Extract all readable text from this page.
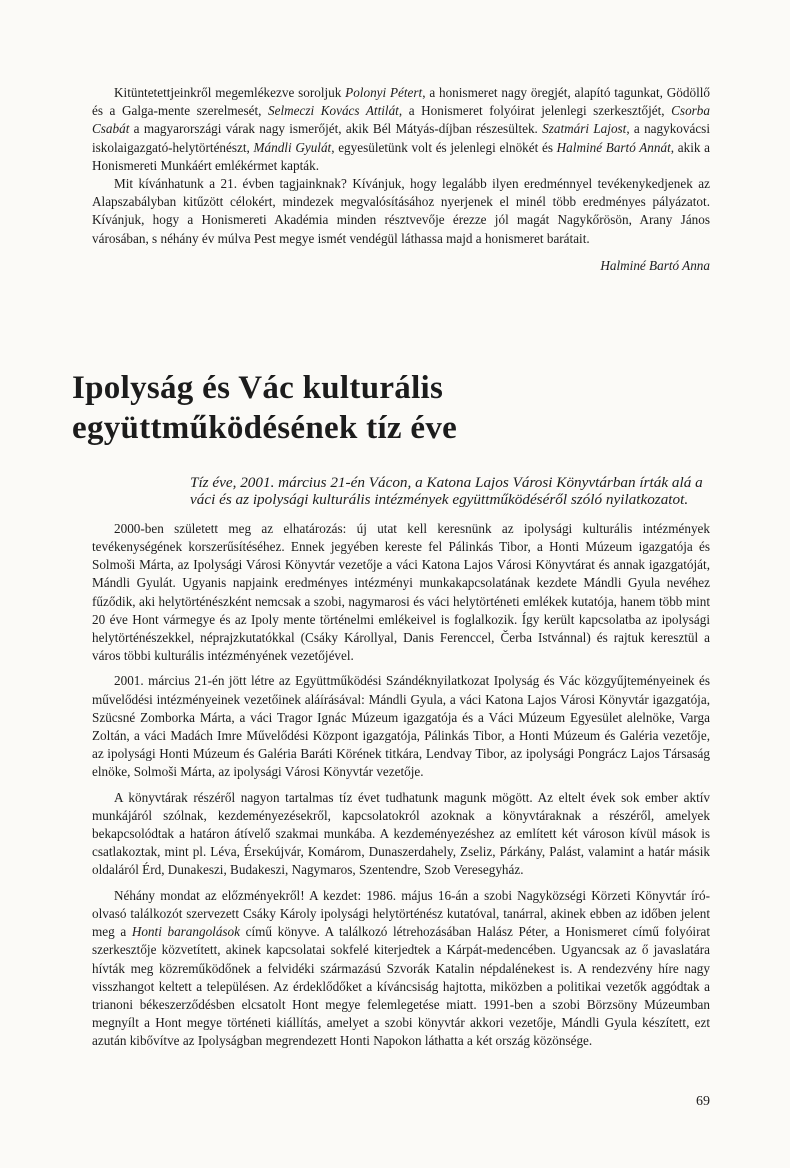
Kitüntetettjeinkről megemlékezve soroljuk Polonyi Pétert, a honismeret nagy öregjét, alapító tagunkat, Gödöllő és a Galga-mente szerelmesét, Selmeczi Kovács Attilát, a Honismeret folyóirat jelenlegi szerkesztőjét, Csorba Csabát a magyarországi várak nagy ismerőjét, akik Bél Mátyás-díjban részesültek. Szatmári Lajost, a nagykovácsi iskolaigazgató-helytörténészt, Mándli Gyulát, egyesületünk volt és jelenlegi elnökét és Halminé Bartó Annát, akik a Honismereti Munkáért emlékérmet kapták.

Mit kívánhatunk a 21. évben tagjainknak? Kívánjuk, hogy legalább ilyen eredménnyel tevékenykedjenek az Alapszabályban kitűzött célokért, mindezek megvalósításához nyerjenek el minél több eredményes pályázatot. Kívánjuk, hogy a Honismereti Akadémia minden résztvevője érezze jól magát Nagykőrösön, Arany János városában, s néhány év múlva Pest megye ismét vendégül láthassa majd a honismeret barátait.

Halminé Bartó Anna
Ipolyság és Vác kulturális
együttműködésének tíz éve
Tíz éve, 2001. március 21-én Vácon, a Katona Lajos Városi Könyvtárban írták alá a váci és az ipolysági kulturális intézmények együttműködéséről szóló nyilatkozatot.

2000-ben született meg az elhatározás: új utat kell keresnünk az ipolysági kulturális intézmények tevékenységének korszerűsítéséhez. Ennek jegyében kereste fel Pálinkás Tibor, a Honti Múzeum igazgatója és Solmoši Márta, az Ipolysági Városi Könyvtár vezetője a váci Katona Lajos Városi Könyvtárat és annak igazgatóját, Mándli Gyulát. Ugyanis napjaink eredményes intézményi munkakapcsolatának kezdete Mándli Gyula nevéhez fűződik, aki helytörténészként nemcsak a szobi, nagymarosi és váci helytörténeti emlékek kutatója, hanem több mint 20 éve Hont vármegye és az Ipoly mente történelmi emlékeivel is foglalkozik. Így került kapcsolatba az ipolysági helytörténészekkel, néprajzkutatókkal (Csáky Károllyal, Danis Ferenccel, Čerba Istvánnal) és rajtuk keresztül a város többi kulturális intézményének vezetőjével.

2001. március 21-én jött létre az Együttműködési Szándéknyilatkozat Ipolyság és Vác közgyűjteményeinek és művelődési intézményeinek vezetőinek aláírásával: Mándli Gyula, a váci Katona Lajos Városi Könyvtár igazgatója, Szücsné Zomborka Márta, a váci Tragor Ignác Múzeum igazgatója és a Váci Múzeum Egyesület alelnöke, Varga Zoltán, a váci Madách Imre Művelődési Központ igazgatója, Pálinkás Tibor, a Honti Múzeum és Galéria vezetője, az ipolysági Honti Múzeum és Galéria Baráti Körének titkára, Lendvay Tibor, az ipolysági Pongrácz Lajos Társaság elnöke, Solmoši Márta, az ipolysági Városi Könyvtár vezetője.

A könyvtárak részéről nagyon tartalmas tíz évet tudhatunk magunk mögött. Az eltelt évek sok ember aktív munkájáról szólnak, kezdeményezésekről, kapcsolatokról azoknak a könyvtáraknak a részéről, amelyek bekapcsolódtak a határon átívelő szakmai munkába. A kezdeményezéshez az említett két városon kívül mások is csatlakoztak, mint pl. Léva, Érsekújvár, Komárom, Dunaszerdahely, Zseliz, Párkány, Palást, valamint a határ másik oldaláról Érd, Dunakeszi, Budakeszi, Nagymaros, Szentendre, Szob Veresegyház.

Néhány mondat az előzményekről! A kezdet: 1986. május 16-án a szobi Nagyközségi Körzeti Könyvtár író-olvasó találkozót szervezett Csáky Károly ipolysági helytörténész kutatóval, tanárral, akinek ebben az időben jelent meg a Honti barangolások című könyve. A találkozó létrehozásában Halász Péter, a Honismeret című folyóirat szerkesztője közvetített, akinek kapcsolatai sokfelé kiterjedtek a Kárpát-medencében. Ugyancsak az ő javaslatára hívták meg közreműködőnek a felvidéki származású Szvorák Katalin népdalénekest is. A rendezvény híre nagy visszhangot keltett a településen. Az érdeklődőket a kíváncsiság hajtotta, miközben a politikai vezetők aggódtak a trianoni békeszerződésben elcsatolt Hont megye felemlegetése miatt. 1991-ben a szobi Börzsöny Múzeumban megnyílt a Hont megye történeti kiállítás, amelyet a szobi könyvtár akkori vezetője, Mándli Gyula készített, ezt azután kibővítve az Ipolyságban megrendezett Honti Napokon láthatta a két ország közönsége.

69
